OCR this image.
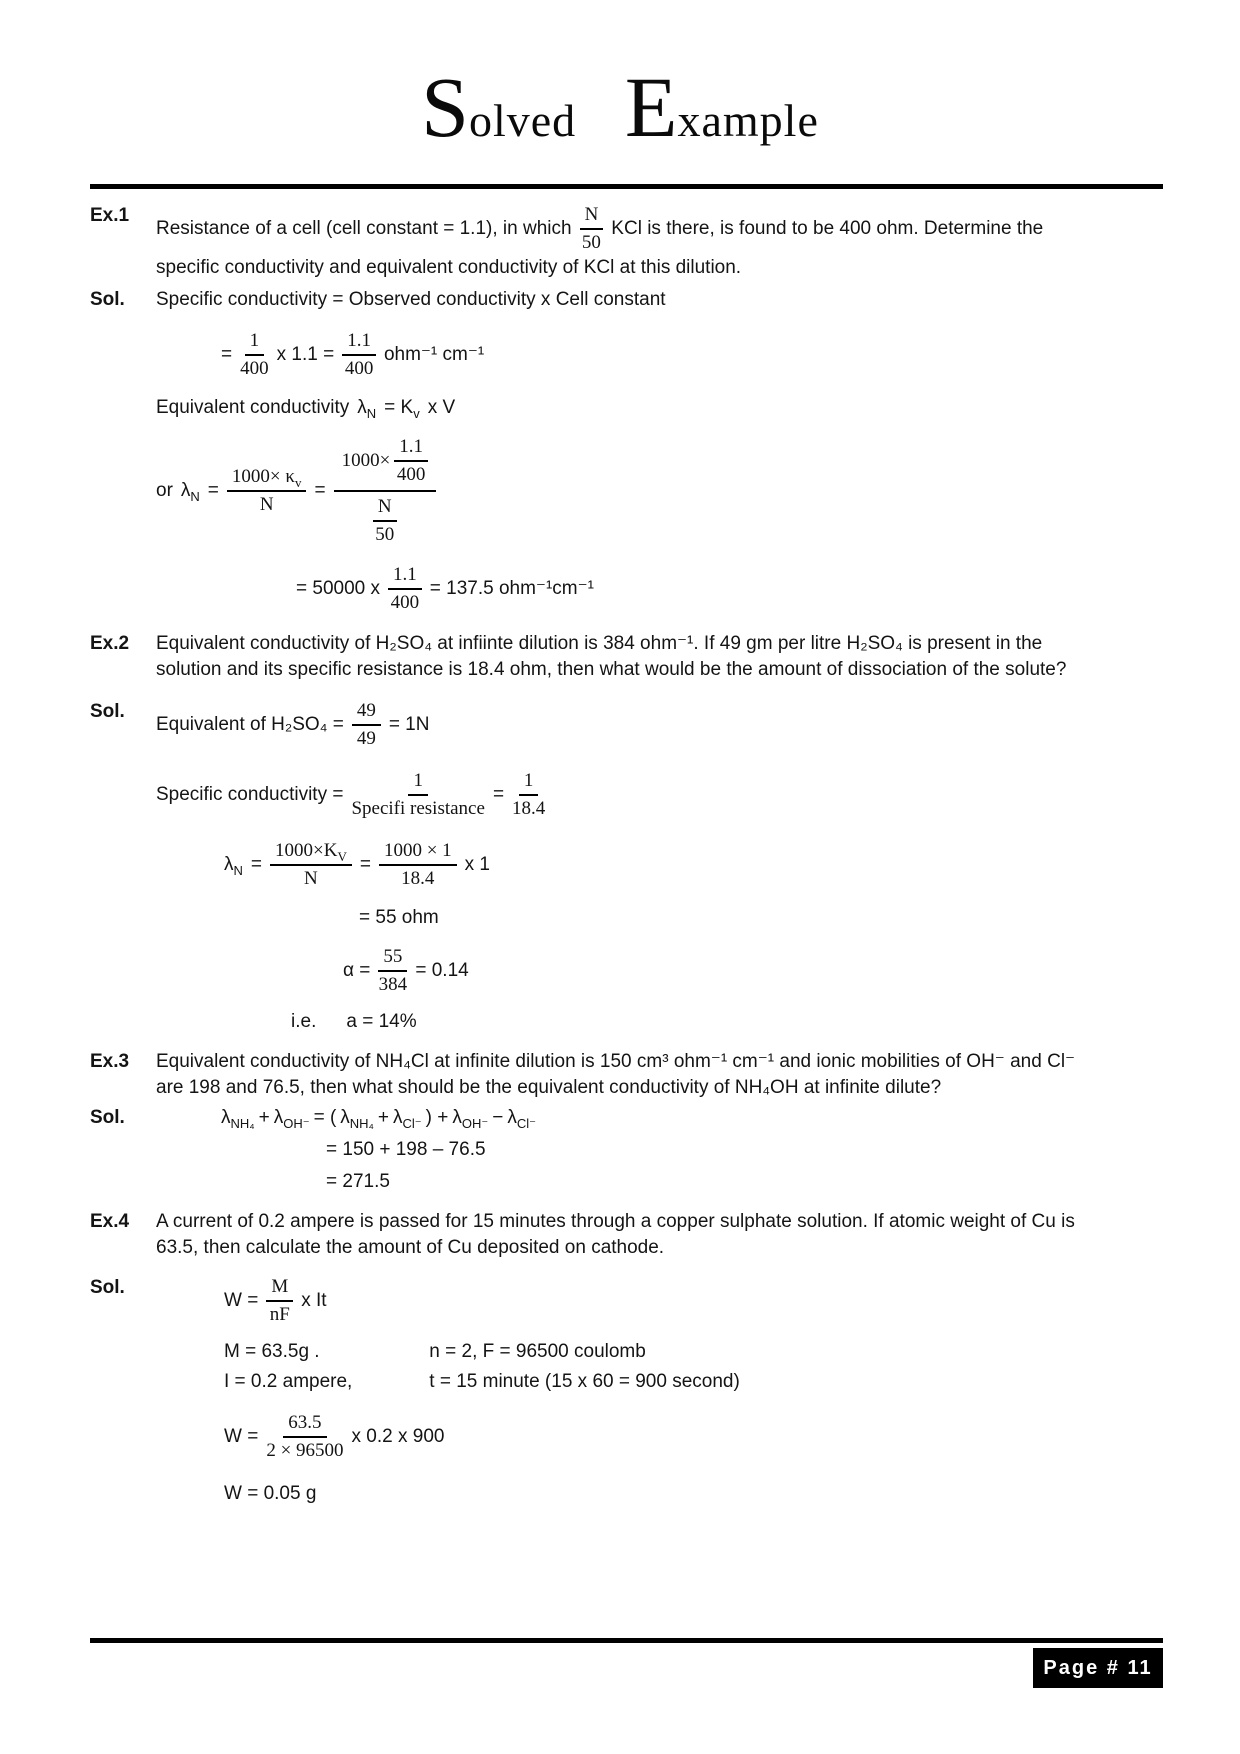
Solved Example
Ex.1
Resistance of a cell (cell constant = 1.1), in which $\frac{N}{50}$ KCl is there, is found to be 400 ohm. Determine the
specific conductivity and equivalent conductivity of KCl at this dilution.
Sol.	Specific conductivity = Observed conductivity x Cell constant
= $\frac{1}{400}$ x $1.1 = \frac{1.1}{400} ohm^{-1}$ cm⁻¹
Equivalent conductivity $\lambda_N = K_v$ x V
or $\lambda_N = \frac{1000\times \kappa_v}{N} = \frac{1000\times \frac{1.1}{400}}{\frac{N}{50}}$
= 50000 x $\frac{1.1}{400} = 137.5$ ohm⁻¹cm⁻¹
Ex.2	Equivalent conductivity of H₂SO₄ at infiinte dilution is 384 ohm⁻¹. If 49 gm per litre H₂SO₄ is present in the
solution and its specific resistance is 18.4 ohm, then what would be the amount of dissociation of the solute?
Sol.
Equivalent of $H_2SO_4 = \frac{49}{49} = 1N$
Specific conductivity = $\frac{1}{\text{Specifi resistance}} = \frac{1}{18.4}$
$\lambda_N = \frac{1000\times K_V}{N} = \frac{1000 \times 1}{18.4}$ x 1
= 55 ohm
$\alpha = \frac{55}{384} = 0.14$
i.e. a = 14%
Ex.3	Equivalent conductivity of NH₄Cl at infinite dilution is 150 cm³ ohm⁻¹ cm⁻¹ and ionic mobilities of OH⁻ and Cl⁻
are 198 and 76.5, then what should be the equivalent conductivity of NH₄OH at infinite dilute?
Sol.	$\lambda_{NH_4} + \lambda_{OH^-}$ = ( $\lambda_{NH_4} + \lambda_{Cl^-}$ ) + $\lambda_{OH^-} - \lambda_{Cl^-}$
= 150 + 198 – 76.5
= 271.5
Ex.4	A current of 0.2 ampere is passed for 15 minutes through a copper sulphate solution. If atomic weight of Cu is
63.5, then calculate the amount of Cu deposited on cathode.
Sol.
$W = \frac{M}{nF}$ x It
M = 63.5g .	n = 2, F = 96500 coulomb
I = 0.2 ampere,	t = 15 minute (15 x 60 = 900 second)
$W = \frac{63.5}{2 \times 96500}$ x 0.2 x 900
W = 0.05 g
Page # 11
